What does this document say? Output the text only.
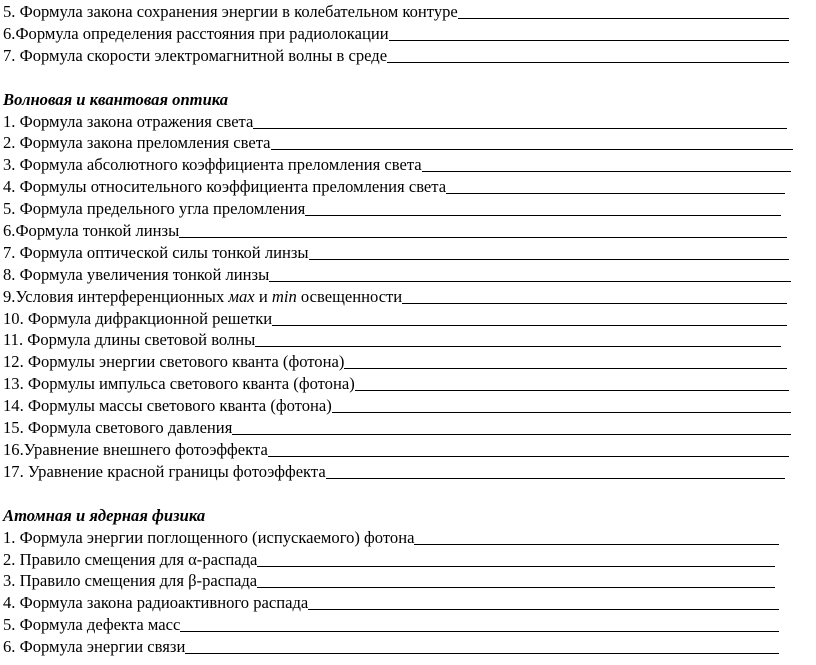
5. Формула закона сохранения энергии в колебательном контуре
6.Формула определения расстояния при радиолокации
7. Формула скорости электромагнитной волны в среде
Волновая и квантовая оптика
1. Формула закона отражения света
2. Формула закона преломления света
3. Формула абсолютного коэффициента преломления света
4. Формулы относительного коэффициента преломления света
5. Формула предельного угла преломления
6.Формула тонкой линзы
7. Формула оптической силы тонкой линзы
8. Формула увеличения тонкой линзы
9.Условия интерференционных мах и min освещенности
10. Формула дифракционной решетки
11. Формула длины световой волны
12. Формулы энергии светового кванта (фотона)
13. Формулы импульса светового кванта (фотона)
14. Формулы массы светового кванта (фотона)
15. Формула светового давления
16.Уравнение внешнего фотоэффекта
17. Уравнение красной границы фотоэффекта
Атомная и ядерная физика
1. Формула энергии поглощенного (испускаемого) фотона
2. Правило смещения для α-распада
3. Правило смещения для β-распада
4. Формула закона радиоактивного распада
5. Формула дефекта масс
6. Формула энергии связи
